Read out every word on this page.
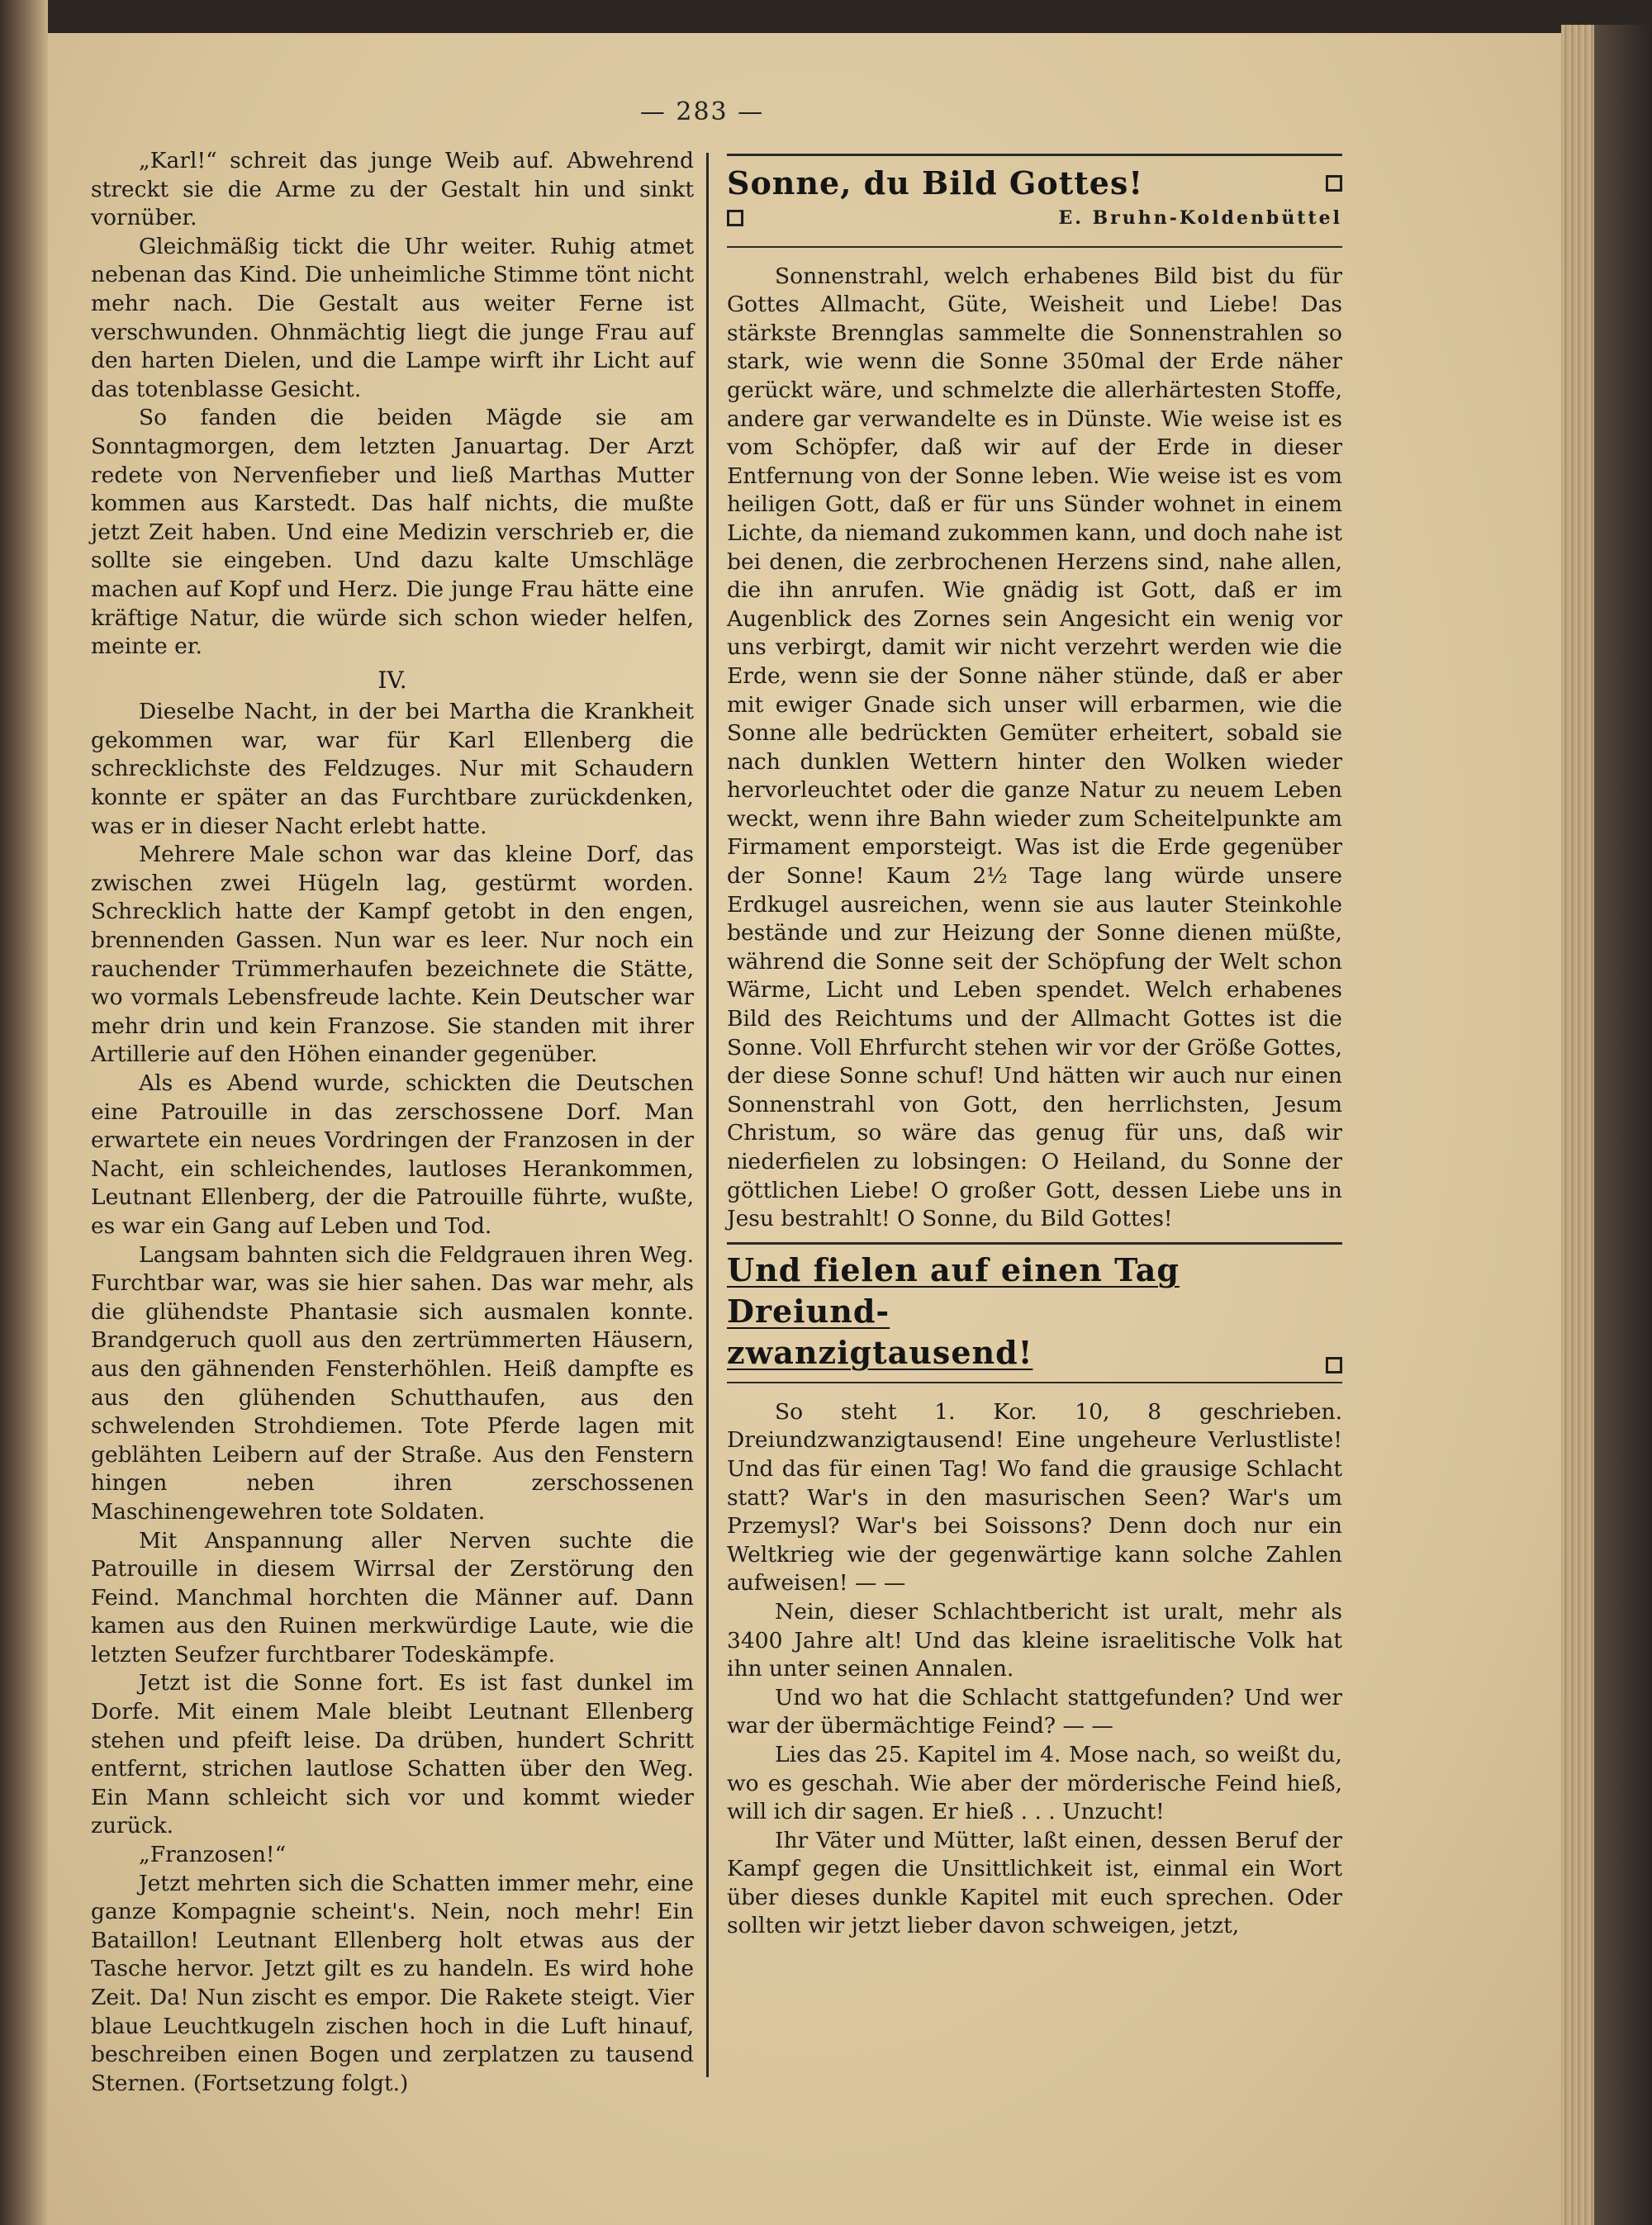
— 283 —

„Karl!“ schreit das junge Weib auf. Abwehrend streckt sie die Arme zu der Gestalt hin und sinkt vornüber.

Gleichmäßig tickt die Uhr weiter. Ruhig atmet nebenan das Kind. Die unheimliche Stimme tönt nicht mehr nach. Die Gestalt aus weiter Ferne ist verschwunden. Ohnmächtig liegt die junge Frau auf den harten Dielen, und die Lampe wirft ihr Licht auf das totenblasse Gesicht.

So fanden die beiden Mägde sie am Sonntagmorgen, dem letzten Januartag. Der Arzt redete von Nervenfieber und ließ Marthas Mutter kommen aus Karstedt. Das half nichts, die mußte jetzt Zeit haben. Und eine Medizin verschrieb er, die sollte sie eingeben. Und dazu kalte Umschläge machen auf Kopf und Herz. Die junge Frau hätte eine kräftige Natur, die würde sich schon wieder helfen, meinte er.

IV.

Dieselbe Nacht, in der bei Martha die Krankheit gekommen war, war für Karl Ellenberg die schrecklichste des Feldzuges. Nur mit Schaudern konnte er später an das Furchtbare zurückdenken, was er in dieser Nacht erlebt hatte.

Mehrere Male schon war das kleine Dorf, das zwischen zwei Hügeln lag, gestürmt worden. Schrecklich hatte der Kampf getobt in den engen, brennenden Gassen. Nun war es leer. Nur noch ein rauchender Trümmerhaufen bezeichnete die Stätte, wo vormals Lebensfreude lachte. Kein Deutscher war mehr drin und kein Franzose. Sie standen mit ihrer Artillerie auf den Höhen einander gegenüber.

Als es Abend wurde, schickten die Deutschen eine Patrouille in das zerschossene Dorf. Man erwartete ein neues Vordringen der Franzosen in der Nacht, ein schleichendes, lautloses Herankommen, Leutnant Ellenberg, der die Patrouille führte, wußte, es war ein Gang auf Leben und Tod.

Langsam bahnten sich die Feldgrauen ihren Weg. Furchtbar war, was sie hier sahen. Das war mehr, als die glühendste Phantasie sich ausmalen konnte. Brandgeruch quoll aus den zertrümmerten Häusern, aus den gähnenden Fensterhöhlen. Heiß dampfte es aus den glühenden Schutthaufen, aus den schwelenden Strohdiemen. Tote Pferde lagen mit geblähten Leibern auf der Straße. Aus den Fenstern hingen neben ihren zerschossenen Maschinengewehren tote Soldaten.

Mit Anspannung aller Nerven suchte die Patrouille in diesem Wirrsal der Zerstörung den Feind. Manchmal horchten die Männer auf. Dann kamen aus den Ruinen merkwürdige Laute, wie die letzten Seufzer furchtbarer Todeskämpfe.

Jetzt ist die Sonne fort. Es ist fast dunkel im Dorfe. Mit einem Male bleibt Leutnant Ellenberg stehen und pfeift leise. Da drüben, hundert Schritt entfernt, strichen lautlose Schatten über den Weg. Ein Mann schleicht sich vor und kommt wieder zurück.

„Franzosen!“

Jetzt mehrten sich die Schatten immer mehr, eine ganze Kompagnie scheint's. Nein, noch mehr! Ein Bataillon! Leutnant Ellenberg holt etwas aus der Tasche hervor. Jetzt gilt es zu handeln. Es wird hohe Zeit. Da! Nun zischt es empor. Die Rakete steigt. Vier blaue Leuchtkugeln zischen hoch in die Luft hinauf, beschreiben einen Bogen und zerplatzen zu tausend Sternen. (Fortsetzung folgt.)

Sonne, du Bild Gottes!
E. Bruhn-Koldenbüttel

Sonnenstrahl, welch erhabenes Bild bist du für Gottes Allmacht, Güte, Weisheit und Liebe! Das stärkste Brennglas sammelte die Sonnenstrahlen so stark, wie wenn die Sonne 350mal der Erde näher gerückt wäre, und schmelzte die allerhärtesten Stoffe, andere gar verwandelte es in Dünste. Wie weise ist es vom Schöpfer, daß wir auf der Erde in dieser Entfernung von der Sonne leben. Wie weise ist es vom heiligen Gott, daß er für uns Sünder wohnet in einem Lichte, da niemand zukommen kann, und doch nahe ist bei denen, die zerbrochenen Herzens sind, nahe allen, die ihn anrufen. Wie gnädig ist Gott, daß er im Augenblick des Zornes sein Angesicht ein wenig vor uns verbirgt, damit wir nicht verzehrt werden wie die Erde, wenn sie der Sonne näher stünde, daß er aber mit ewiger Gnade sich unser will erbarmen, wie die Sonne alle bedrückten Gemüter erheitert, sobald sie nach dunklen Wettern hinter den Wolken wieder hervorleuchtet oder die ganze Natur zu neuem Leben weckt, wenn ihre Bahn wieder zum Scheitelpunkte am Firmament emporsteigt. Was ist die Erde gegenüber der Sonne! Kaum 2½ Tage lang würde unsere Erdkugel ausreichen, wenn sie aus lauter Steinkohle bestände und zur Heizung der Sonne dienen müßte, während die Sonne seit der Schöpfung der Welt schon Wärme, Licht und Leben spendet. Welch erhabenes Bild des Reichtums und der Allmacht Gottes ist die Sonne. Voll Ehrfurcht stehen wir vor der Größe Gottes, der diese Sonne schuf! Und hätten wir auch nur einen Sonnenstrahl von Gott, den herrlichsten, Jesum Christum, so wäre das genug für uns, daß wir niederfielen zu lobsingen: O Heiland, du Sonne der göttlichen Liebe! O großer Gott, dessen Liebe uns in Jesu bestrahlt! O Sonne, du Bild Gottes!

Und fielen auf einen Tag Dreiund-
zwanzigtausend!

So steht 1. Kor. 10, 8 geschrieben. Dreiundzwanzigtausend! Eine ungeheure Verlustliste! Und das für einen Tag! Wo fand die grausige Schlacht statt? War's in den masurischen Seen? War's um Przemysl? War's bei Soissons? Denn doch nur ein Weltkrieg wie der gegenwärtige kann solche Zahlen aufweisen! — —

Nein, dieser Schlachtbericht ist uralt, mehr als 3400 Jahre alt! Und das kleine israelitische Volk hat ihn unter seinen Annalen.

Und wo hat die Schlacht stattgefunden? Und wer war der übermächtige Feind? — —

Lies das 25. Kapitel im 4. Mose nach, so weißt du, wo es geschah. Wie aber der mörderische Feind hieß, will ich dir sagen. Er hieß . . . Unzucht!

Ihr Väter und Mütter, laßt einen, dessen Beruf der Kampf gegen die Unsittlichkeit ist, einmal ein Wort über dieses dunkle Kapitel mit euch sprechen. Oder sollten wir jetzt lieber davon schweigen, jetzt,
